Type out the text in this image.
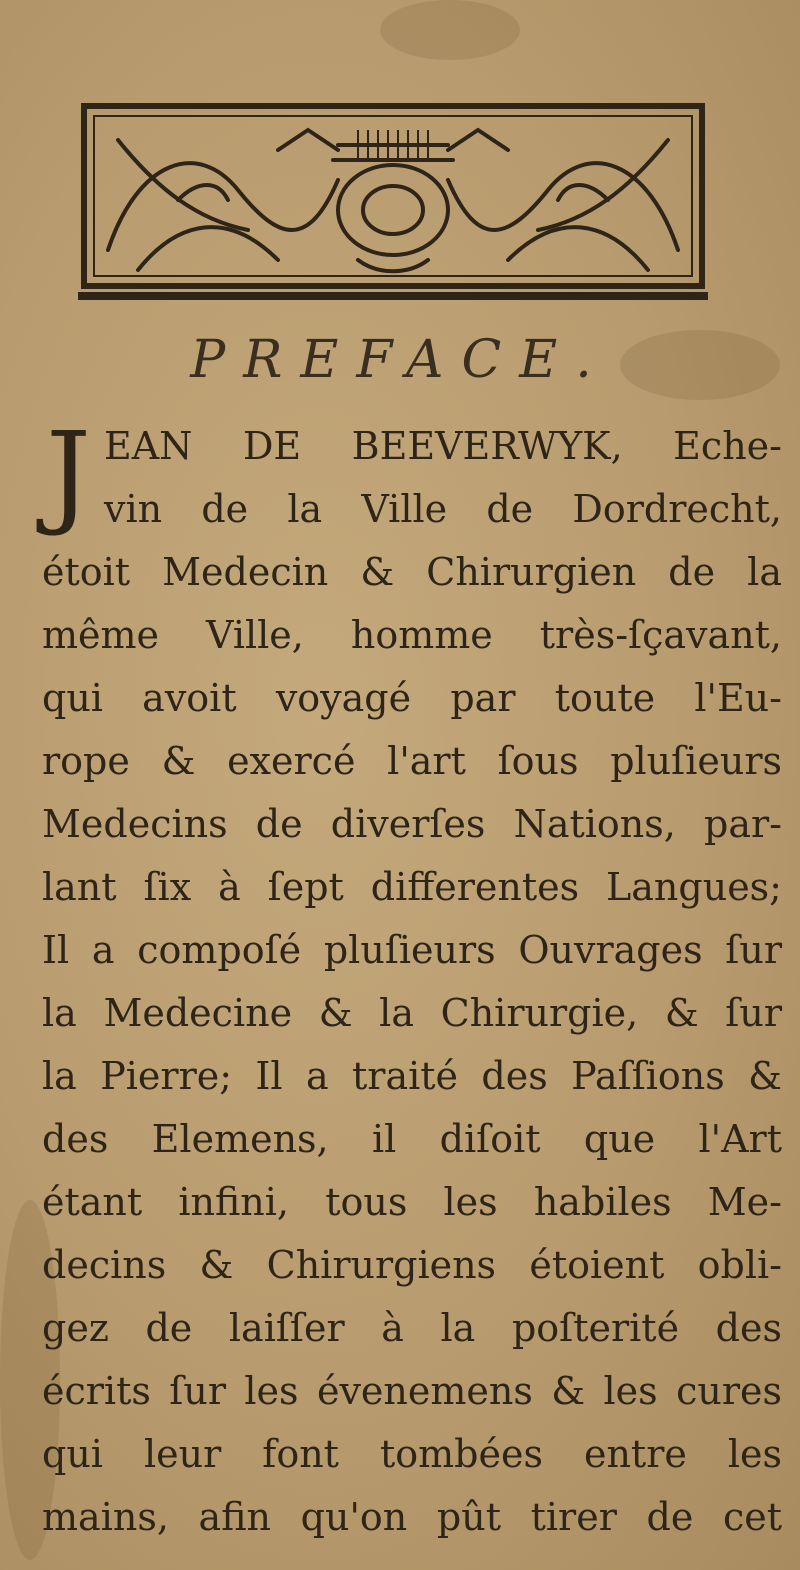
PREFACE.
J EAN DE BEEVERWYK, Eche-
vin de la Ville de Dordrecht,
étoit Medecin & Chirurgien de la
même Ville, homme très-ſçavant,
qui avoit voyagé par toute l'Eu-
rope & exercé l'art ſous pluſieurs
Medecins de diverſes Nations, par-
lant ſix à ſept differentes Langues;
Il a compoſé pluſieurs Ouvrages ſur
la Medecine & la Chirurgie, & ſur
la Pierre; Il a traité des Paſſions &
des Elemens, il diſoit que l'Art
étant infini, tous les habiles Me-
decins & Chirurgiens étoient obli-
gez de laiſſer à la poſterité des
écrits ſur les évenemens & les cures
qui leur font tombées entre les
mains, afin qu'on pût tirer de cet
